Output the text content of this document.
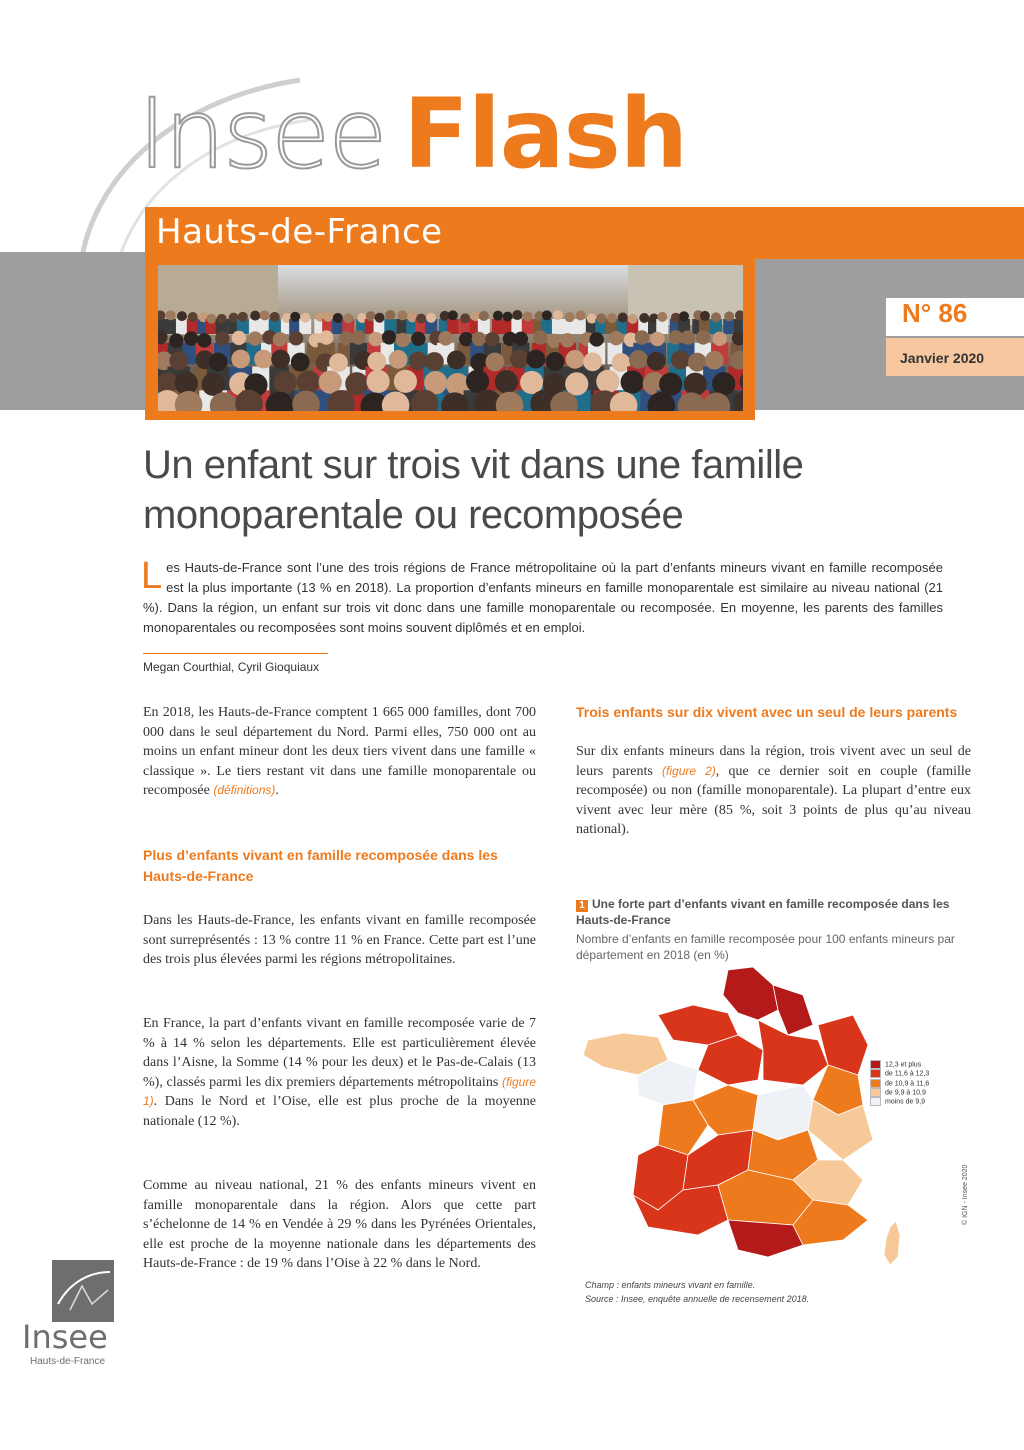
Insee Flash
Hauts-de-France
N° 86
Janvier 2020
Un enfant sur trois vit dans une famille monoparentale ou recomposée
Les Hauts-de-France sont l’une des trois régions de France métropolitaine où la part d’enfants mineurs vivant en famille recomposée est la plus importante (13 % en 2018). La proportion d’enfants mineurs en famille monoparentale est similaire au niveau national (21 %). Dans la région, un enfant sur trois vit donc dans une famille monoparentale ou recomposée. En moyenne, les parents des familles monoparentales ou recomposées sont moins souvent diplômés et en emploi.
Megan Courthial, Cyril Gioquiaux
En 2018, les Hauts-de-France comptent 1 665 000 familles, dont 700 000 dans le seul département du Nord. Parmi elles, 750 000 ont au moins un enfant mineur dont les deux tiers vivent dans une famille « classique ». Le tiers restant vit dans une famille monoparentale ou recomposée (définitions).
Plus d’enfants vivant en famille recomposée dans les Hauts-de-France
Dans les Hauts-de-France, les enfants vivant en famille recomposée sont surreprésentés : 13 % contre 11 % en France. Cette part est l’une des trois plus élevées parmi les régions métropolitaines.
En France, la part d’enfants vivant en famille recomposée varie de 7 % à 14 % selon les départements. Elle est particulièrement élevée dans l’Aisne, la Somme (14 % pour les deux) et le Pas-de-Calais (13 %), classés parmi les dix premiers départements métropolitains (figure 1). Dans le Nord et l’Oise, elle est plus proche de la moyenne nationale (12 %).
Comme au niveau national, 21 % des enfants mineurs vivent en famille monoparentale dans la région. Alors que cette part s’échelonne de 14 % en Vendée à 29 % dans les Pyrénées Orientales, elle est proche de la moyenne nationale dans les départements des Hauts-de-France : de 19 % dans l’Oise à 22 % dans le Nord.
Trois enfants sur dix vivent avec un seul de leurs parents
Sur dix enfants mineurs dans la région, trois vivent avec un seul de leurs parents (figure 2), que ce dernier soit en couple (famille recomposée) ou non (famille monoparentale). La plupart d’entre eux vivent avec leur mère (85 %, soit 3 points de plus qu’au niveau national).
1 Une forte part d’enfants vivant en famille recomposée dans les Hauts-de-France
Nombre d’enfants en famille recomposée pour 100 enfants mineurs par département en 2018 (en %)
12,3 et plus
de 11,6 à 12,3
de 10,9 à 11,6
de 9,9 à 10,9
moins de 9,9
© IGN - Insee 2020
Champ : enfants mineurs vivant en famille.
Source : Insee, enquête annuelle de recensement 2018.
Insee
Hauts-de-France
